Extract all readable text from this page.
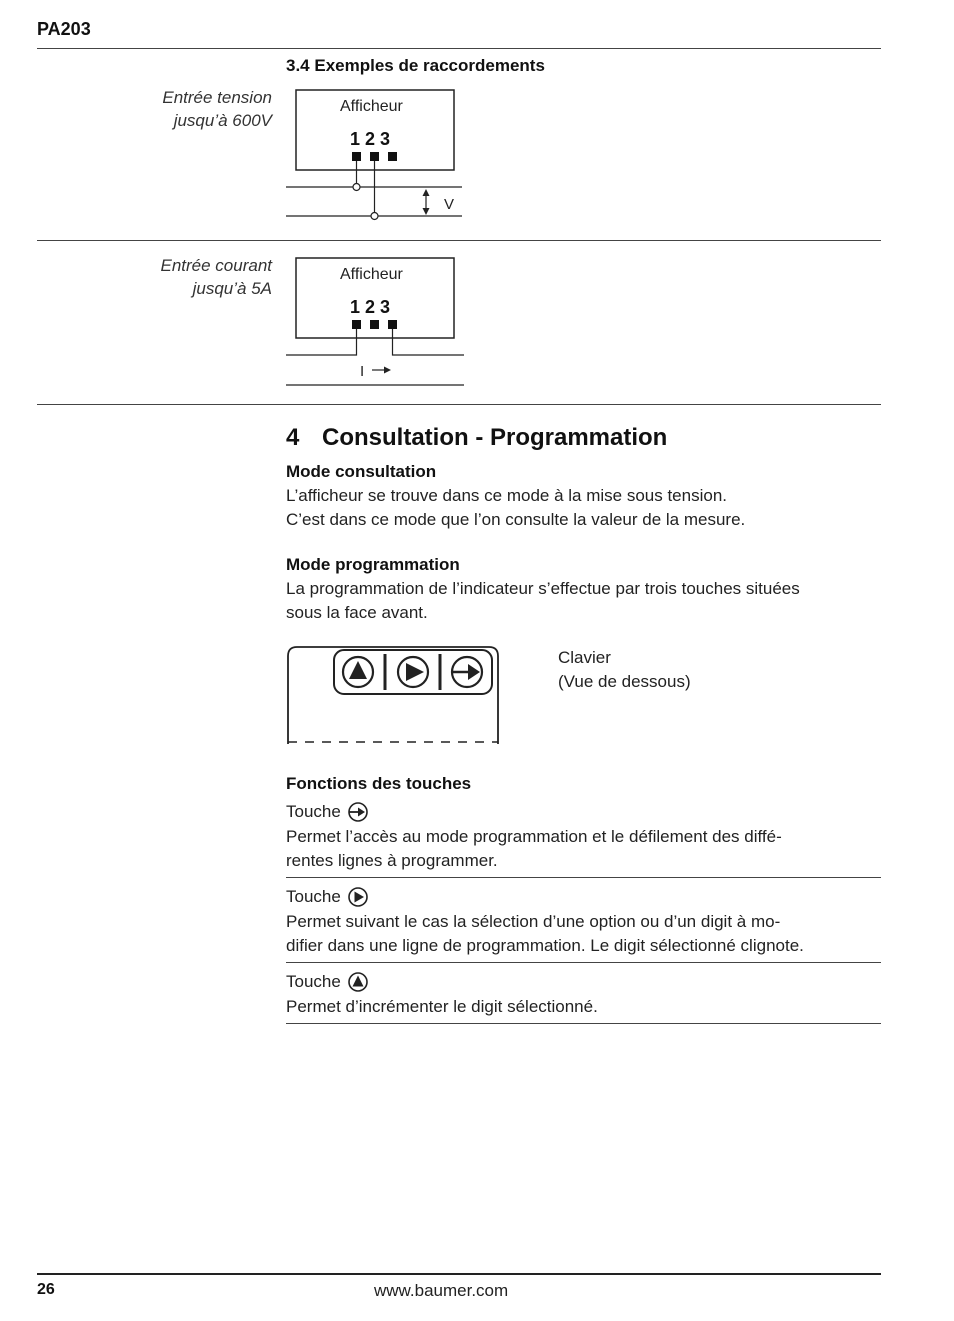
PA203
3.4 Exemples de raccordements
Entrée tension
jusqu’à 600V
Afficheur
1 2 3
V
Entrée courant
jusqu’à 5A
Afficheur
1 2 3
I
4 Consultation - Programmation
Mode consultation
L’afficheur se trouve dans ce mode à la mise sous tension.
C’est dans ce mode que l’on consulte la valeur de la mesure.
Mode programmation
La programmation de l’indicateur s’effectue par trois touches situées
sous la face avant.
Clavier
(Vue de dessous)
Fonctions des touches
Touche
Permet l’accès au mode programmation et le défilement des diffé-
rentes lignes à programmer.
Touche
Permet suivant le cas la sélection d’une option ou d’un digit à mo-
difier dans une ligne de programmation. Le digit sélectionné clignote.
Touche
Permet d’incrémenter le digit sélectionné.
26	www.baumer.com
